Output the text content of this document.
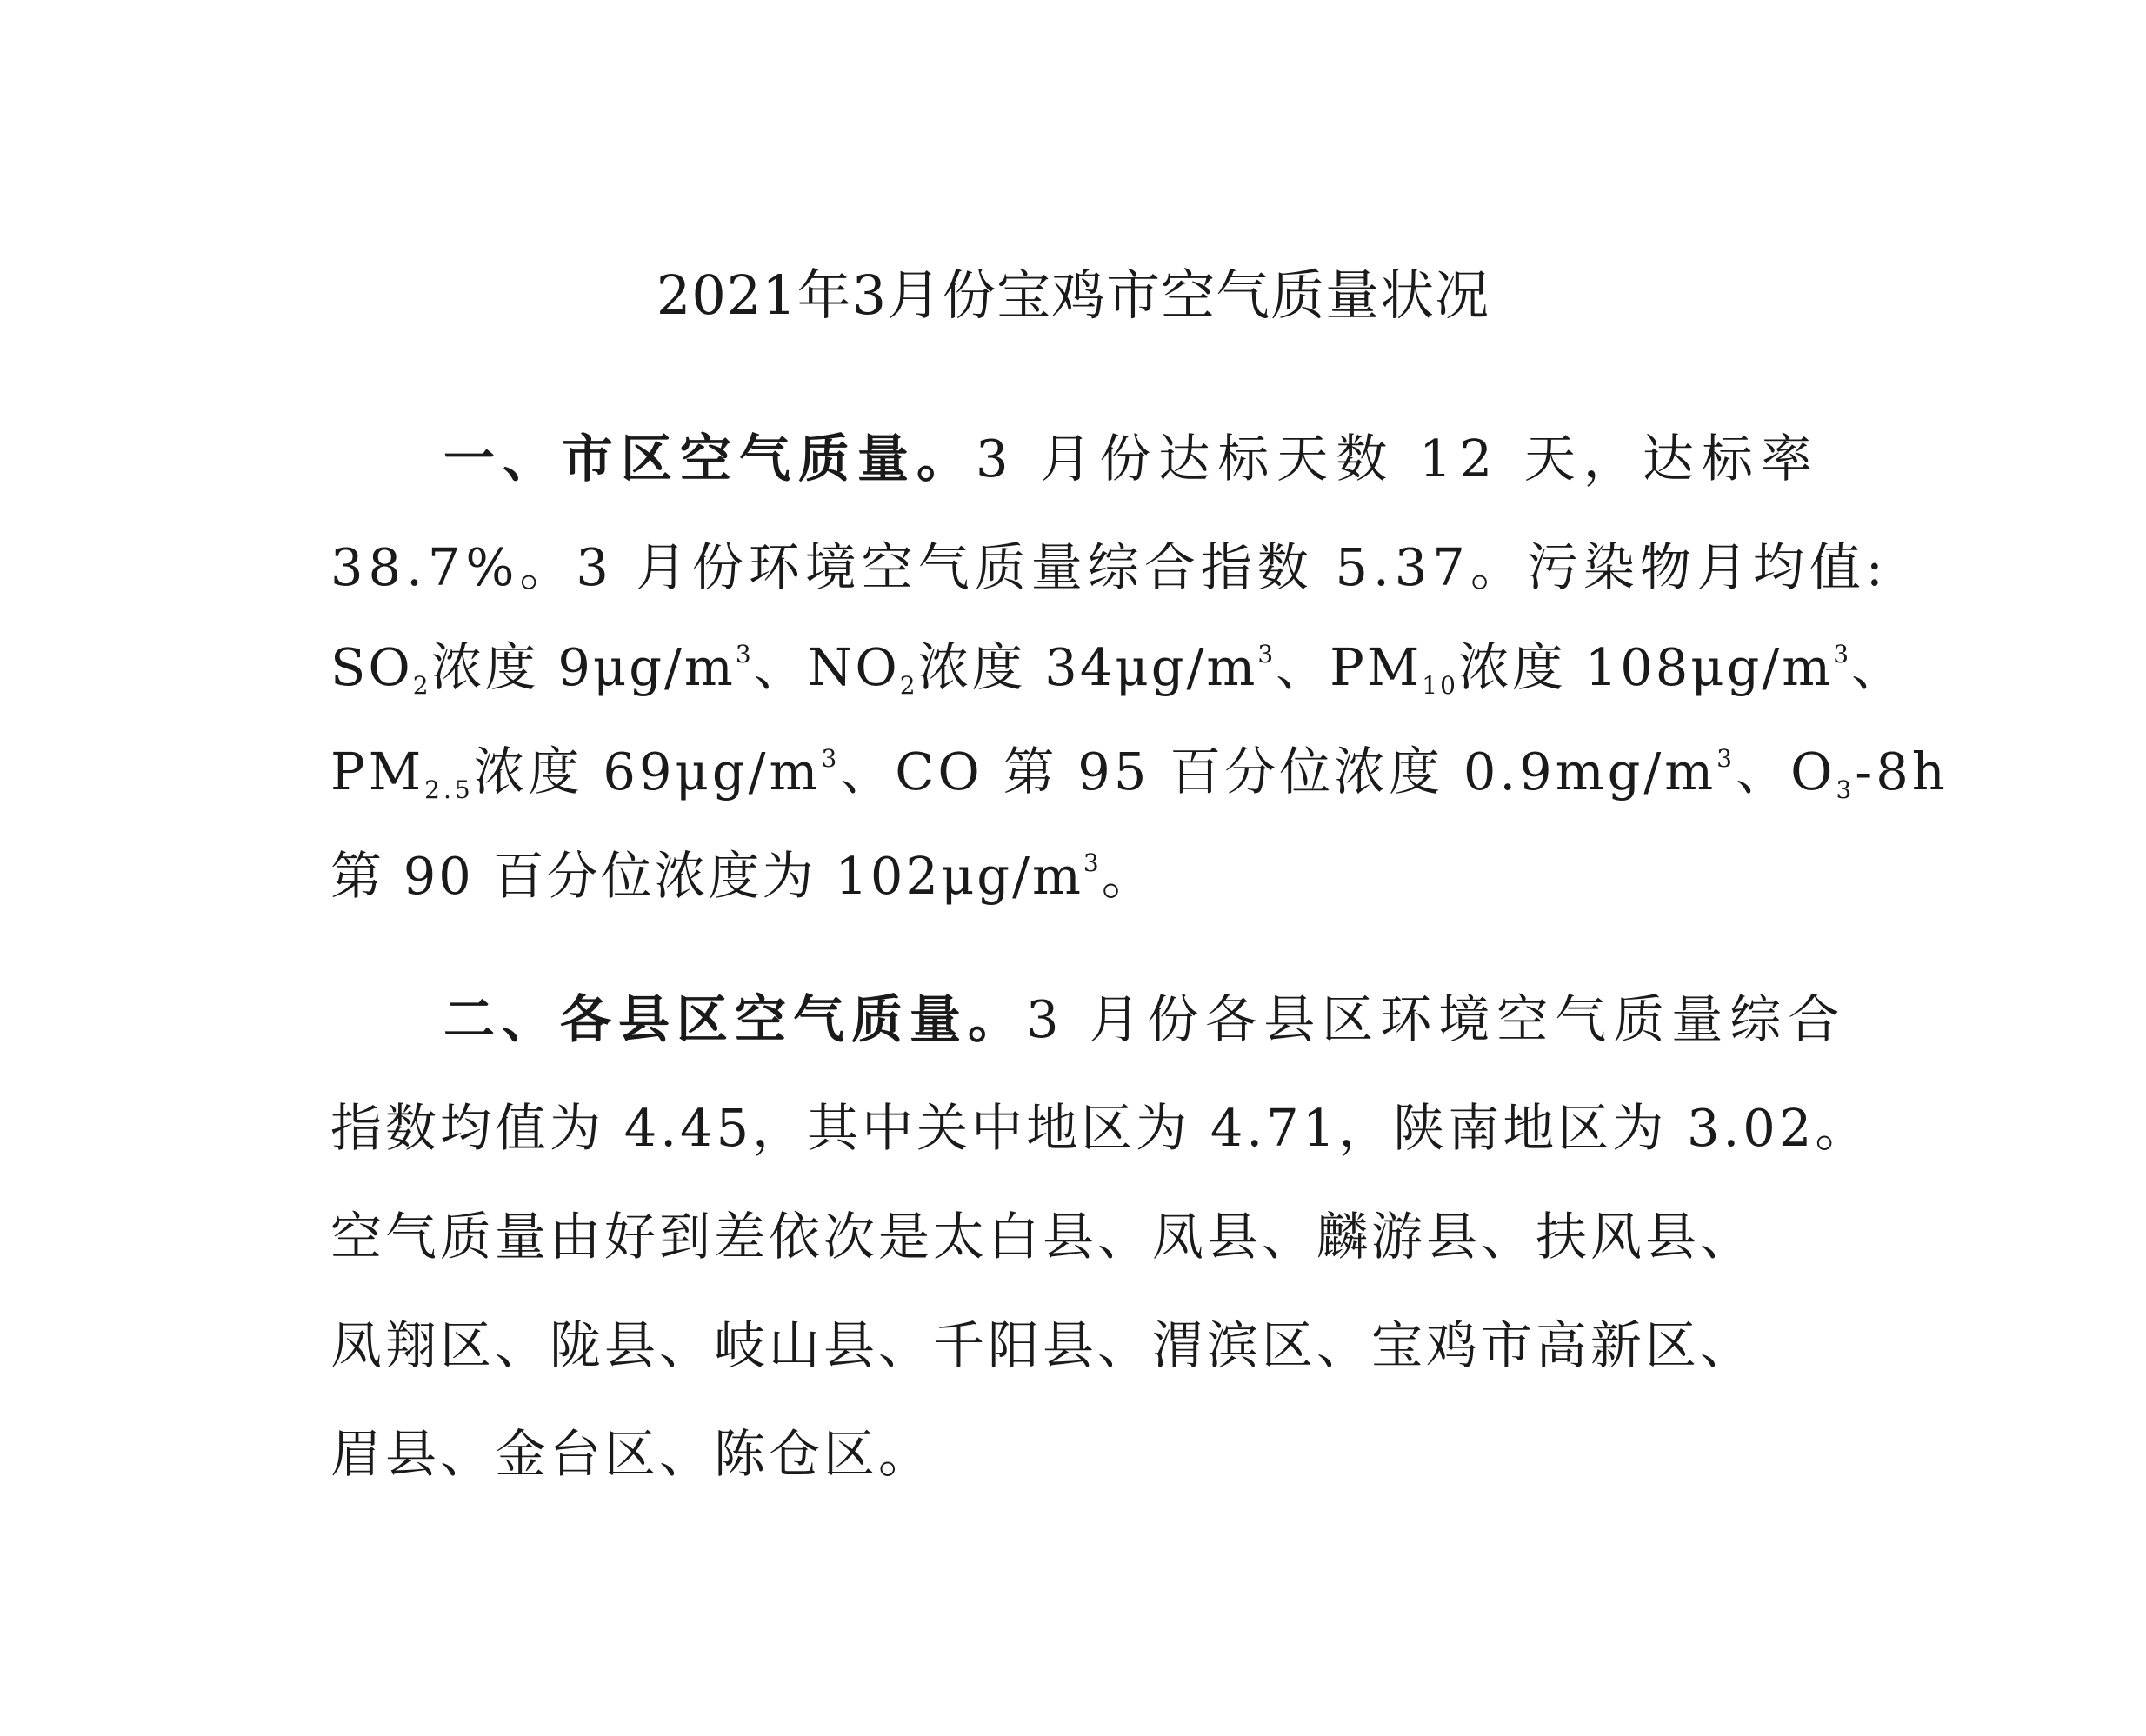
2021年3月份宝鸡市空气质量状况
一、市区空气质量。3 月份达标天数 12 天，达标率
38.7%。3 月份环境空气质量综合指数 5.37。污染物月均值:
$SO_2$浓度 $9\mu g/m^3$、$NO_2$浓度 $34\mu g/m^3$、$PM_{10}$浓度 $108\mu g/m^3$、
$PM_{2.5}$浓度 $69\mu g/m^3$、CO 第 95 百分位浓度 $0.9mg/m^3$、$O_3-8h$
第 90 百分位浓度为 $102\mu g/m^3$。
二、各县区空气质量。3 月份各县区环境空气质量综合
指数均值为 4.45，其中关中地区为 4.71，陕南地区为 3.02。
空气质量由好到差依次是太白县、凤县、麟游县、扶风县、
凤翔区、陇县、岐山县、千阳县、渭滨区、宝鸡市高新区、
眉县、金台区、陈仓区。
